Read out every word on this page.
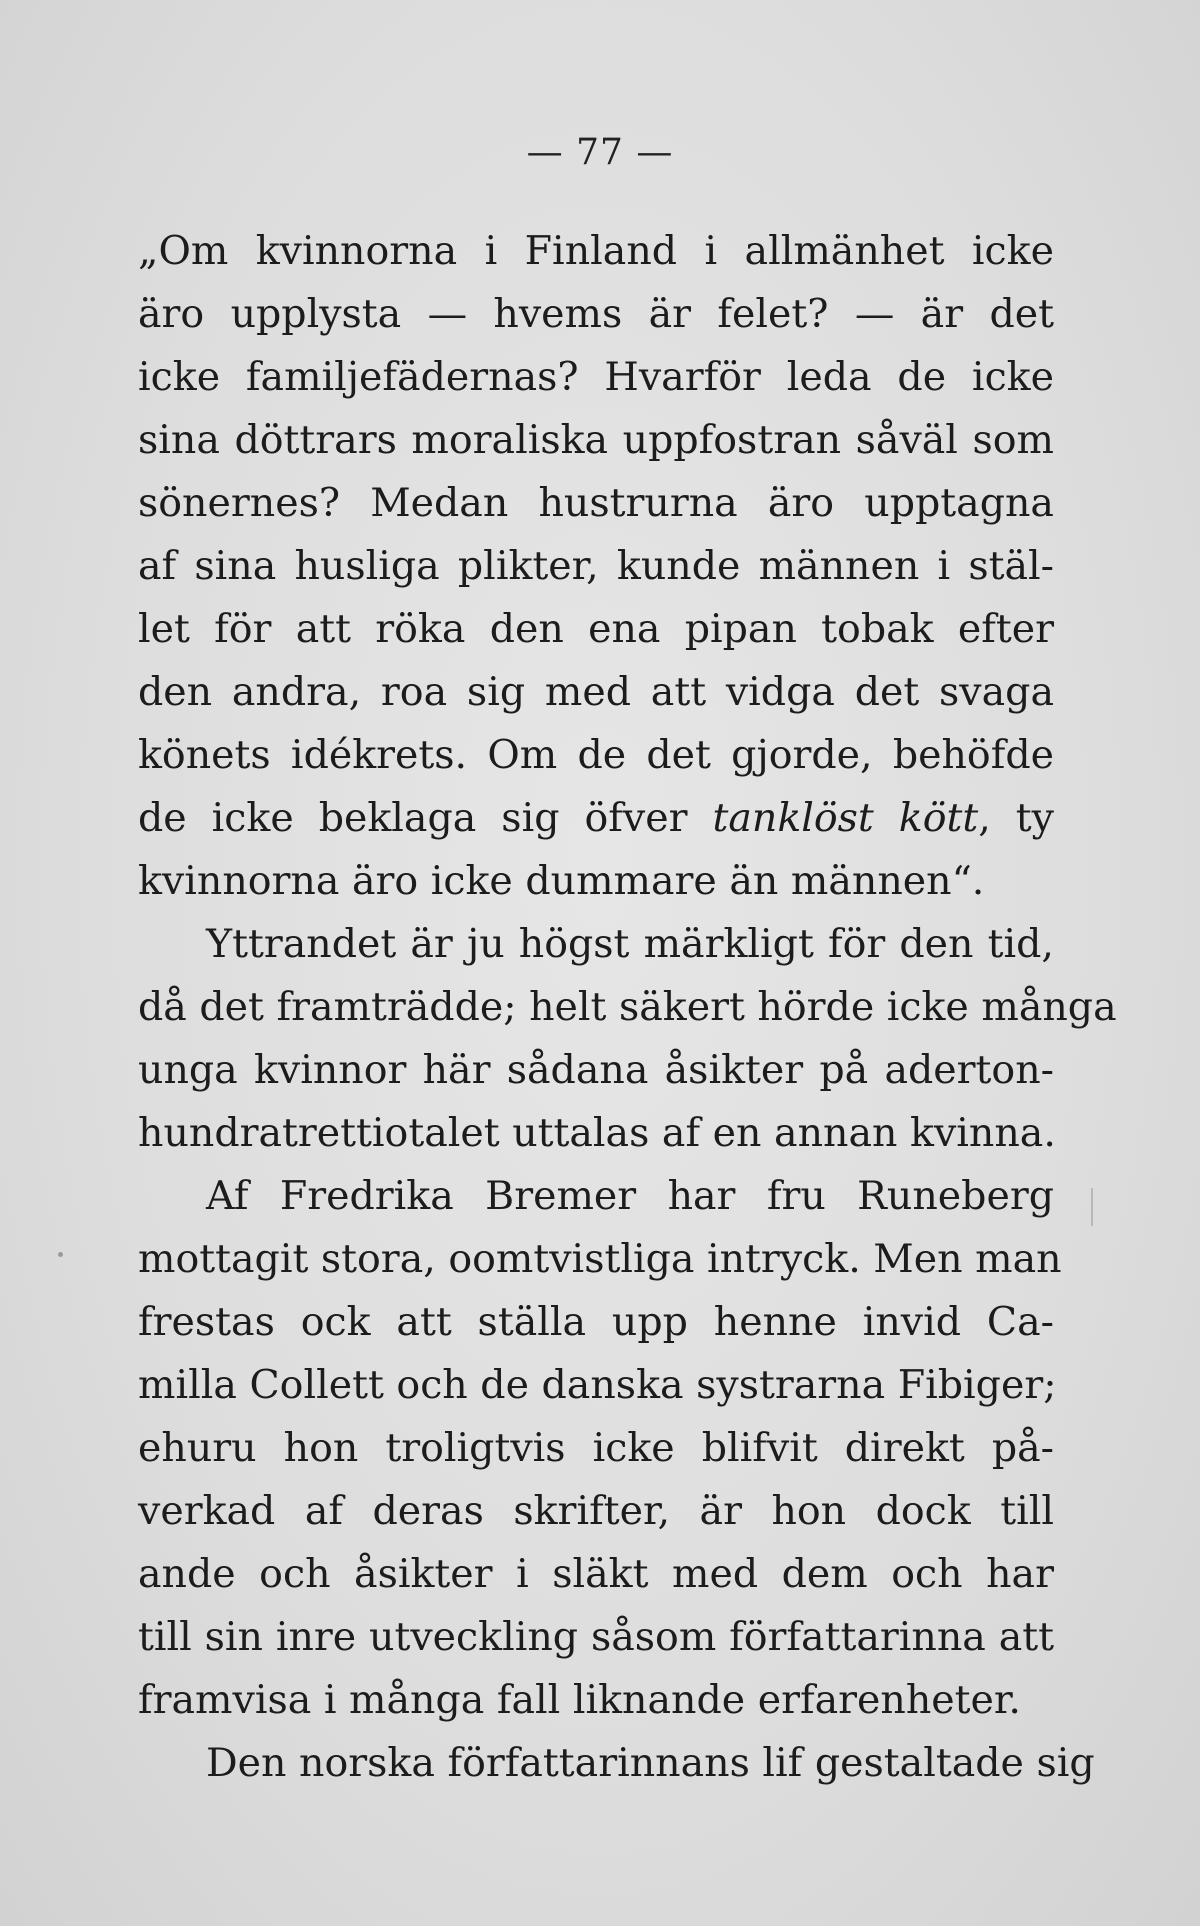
— 77 —
„Om kvinnorna i Finland i allmänhet icke
äro upplysta — hvems är felet? — är det
icke familjefädernas? Hvarför leda de icke
sina döttrars moraliska uppfostran såväl som
sönernes? Medan hustrurna äro upptagna
af sina husliga plikter, kunde männen i stäl-
let för att röka den ena pipan tobak efter
den andra, roa sig med att vidga det svaga
könets idékrets. Om de det gjorde, behöfde
de icke beklaga sig öfver tanklöst kött, ty
kvinnorna äro icke dummare än männen“.
Yttrandet är ju högst märkligt för den tid,
då det framträdde; helt säkert hörde icke många
unga kvinnor här sådana åsikter på aderton-
hundratrettiotalet uttalas af en annan kvinna.
Af Fredrika Bremer har fru Runeberg
mottagit stora, oomtvistliga intryck. Men man
frestas ock att ställa upp henne invid Ca-
milla Collett och de danska systrarna Fibiger;
ehuru hon troligtvis icke blifvit direkt på-
verkad af deras skrifter, är hon dock till
ande och åsikter i släkt med dem och har
till sin inre utveckling såsom författarinna att
framvisa i många fall liknande erfarenheter.
Den norska författarinnans lif gestaltade sig
